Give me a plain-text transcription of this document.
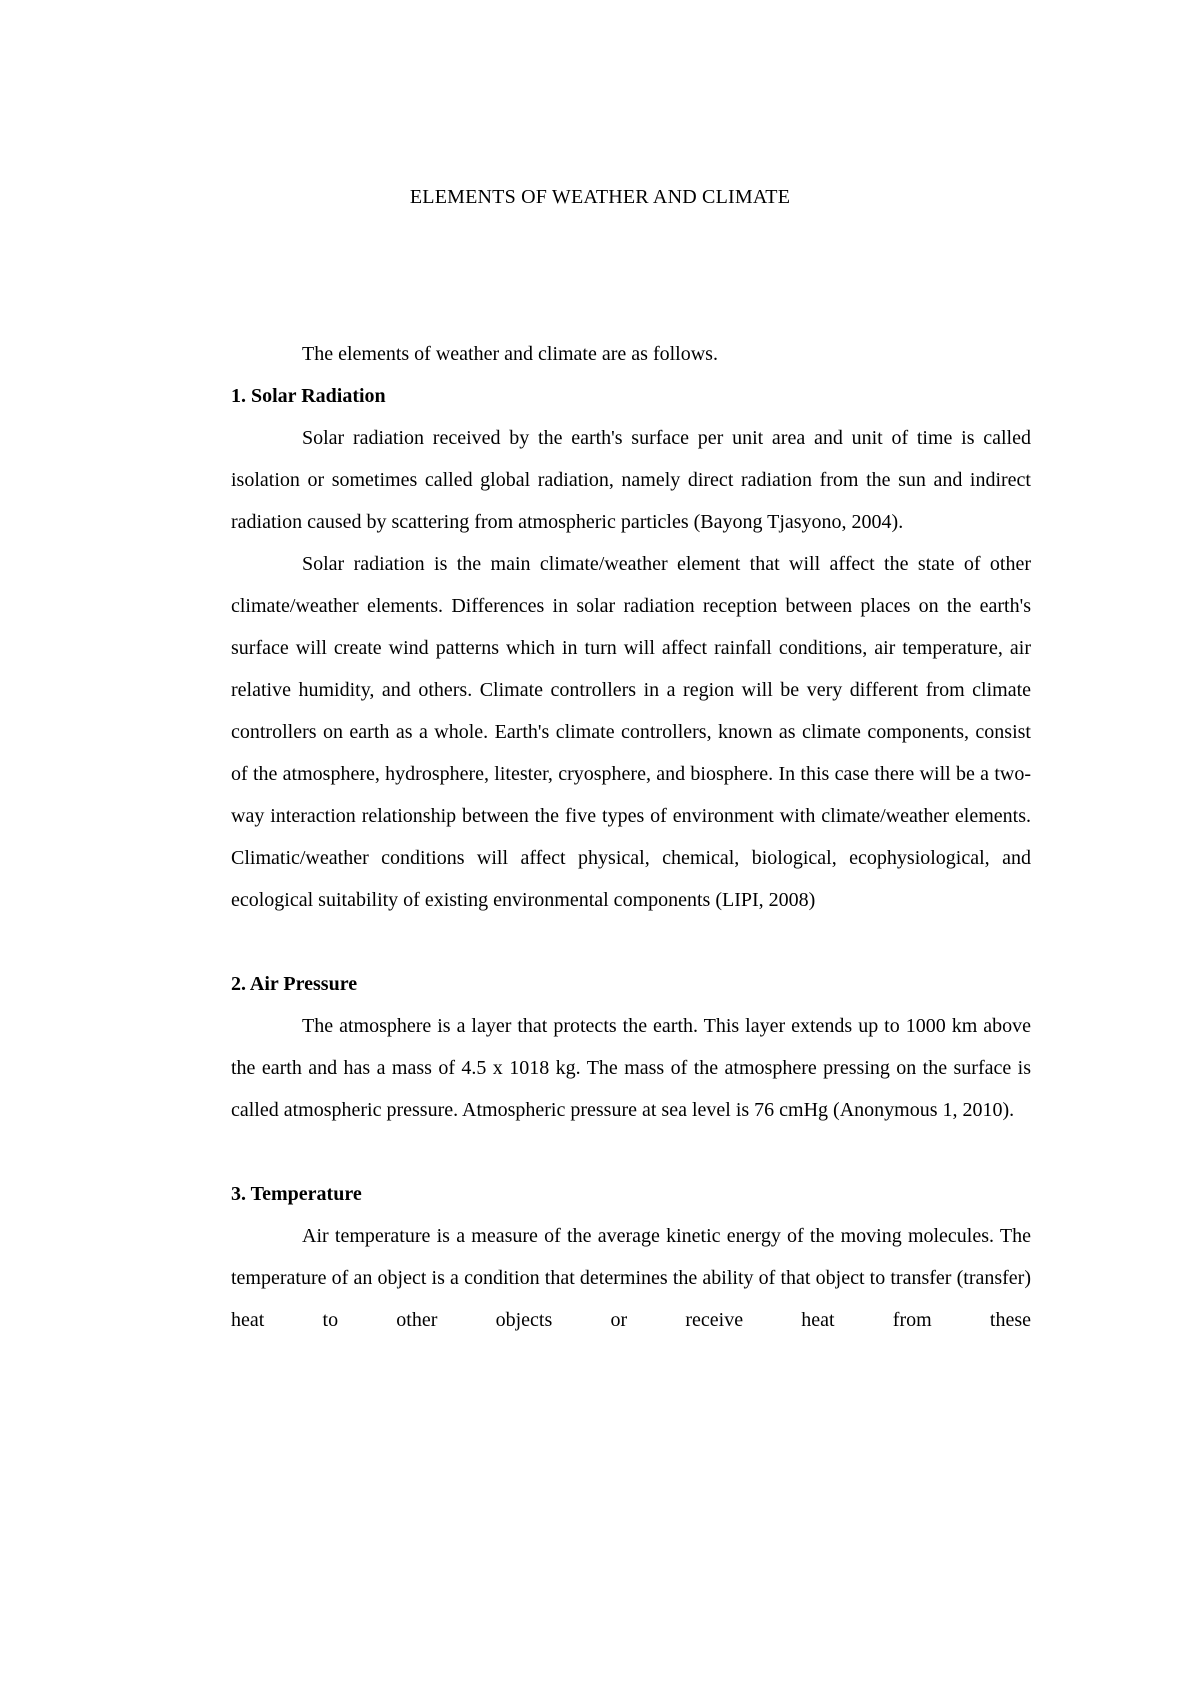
ELEMENTS OF WEATHER AND CLIMATE

The elements of weather and climate are as follows.

1. Solar Radiation

Solar radiation received by the earth's surface per unit area and unit of time is called isolation or sometimes called global radiation, namely direct radiation from the sun and indirect radiation caused by scattering from atmospheric particles (Bayong Tjasyono, 2004).

Solar radiation is the main climate/weather element that will affect the state of other climate/weather elements. Differences in solar radiation reception between places on the earth's surface will create wind patterns which in turn will affect rainfall conditions, air temperature, air relative humidity, and others. Climate controllers in a region will be very different from climate controllers on earth as a whole. Earth's climate controllers, known as climate components, consist of the atmosphere, hydrosphere, litester, cryosphere, and biosphere. In this case there will be a two-way interaction relationship between the five types of environment with climate/weather elements. Climatic/weather conditions will affect physical, chemical, biological, ecophysiological, and ecological suitability of existing environmental components (LIPI, 2008)

2. Air Pressure

The atmosphere is a layer that protects the earth. This layer extends up to 1000 km above the earth and has a mass of 4.5 x 1018 kg. The mass of the atmosphere pressing on the surface is called atmospheric pressure. Atmospheric pressure at sea level is 76 cmHg (Anonymous 1, 2010).

3. Temperature

Air temperature is a measure of the average kinetic energy of the moving molecules. The temperature of an object is a condition that determines the ability of that object to transfer (transfer) heat to other objects or receive heat from these
